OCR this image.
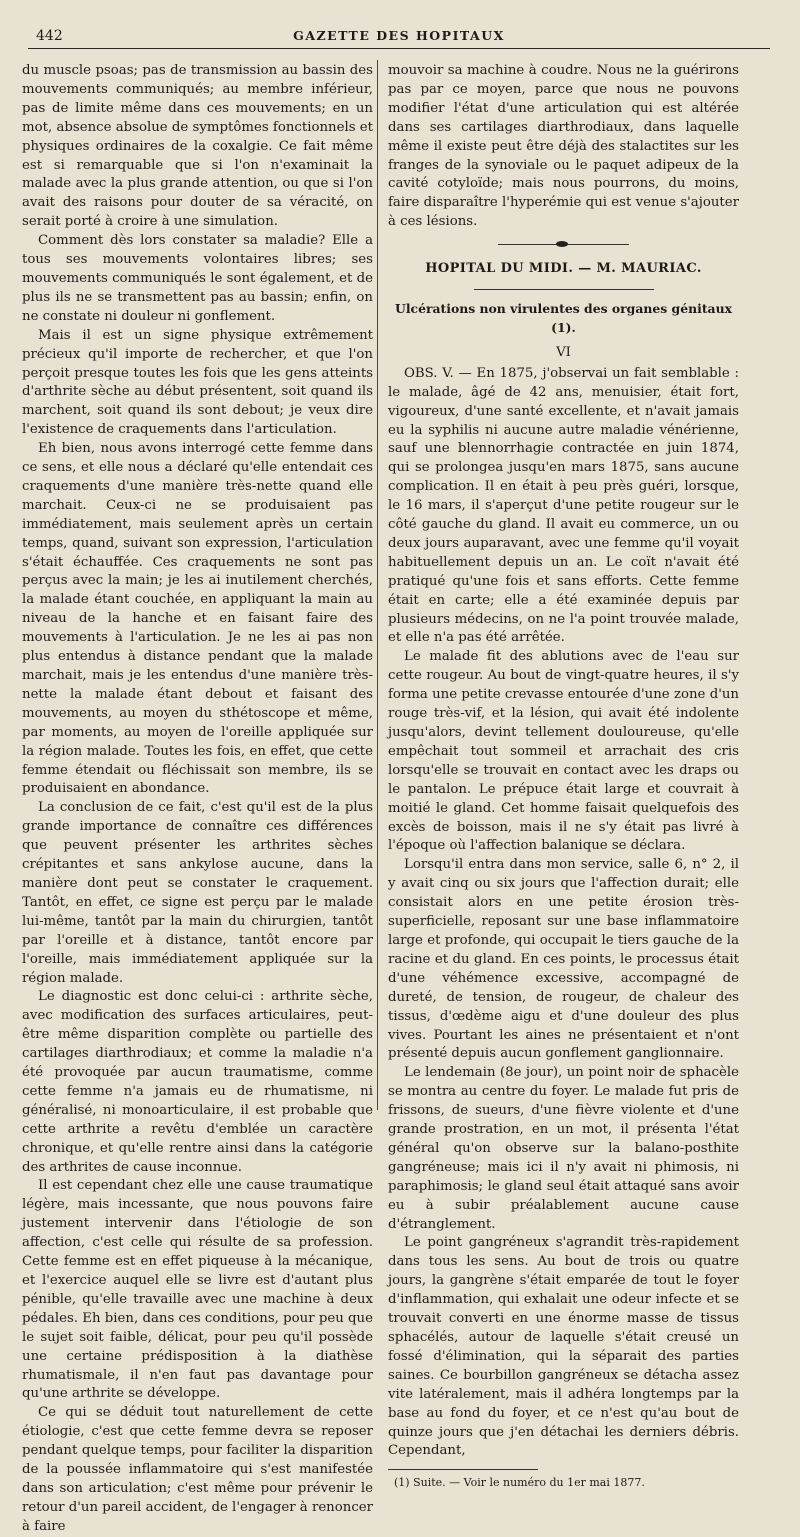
442	GAZETTE DES HOPITAUX

du muscle psoas; pas de transmission au bassin des mouvements communiqués; au membre inférieur, pas de limite même dans ces mouvements; en un mot, absence absolue de symptômes fonctionnels et physiques ordinaires de la coxalgie. Ce fait même est si remarquable que si l'on n'examinait la malade avec la plus grande attention, ou que si l'on avait des raisons pour douter de sa véracité, on serait porté à croire à une simulation.

Comment dès lors constater sa maladie? Elle a tous ses mouvements volontaires libres; ses mouvements communiqués le sont également, et de plus ils ne se transmettent pas au bassin; enfin, on ne constate ni douleur ni gonflement.

Mais il est un signe physique extrêmement précieux qu'il importe de rechercher, et que l'on perçoit presque toutes les fois que les gens atteints d'arthrite sèche au début présentent, soit quand ils marchent, soit quand ils sont debout; je veux dire l'existence de craquements dans l'articulation.

Eh bien, nous avons interrogé cette femme dans ce sens, et elle nous a déclaré qu'elle entendait ces craquements d'une manière très-nette quand elle marchait. Ceux-ci ne se produisaient pas immédiatement, mais seulement après un certain temps, quand, suivant son expression, l'articulation s'était échauffée. Ces craquements ne sont pas perçus avec la main; je les ai inutilement cherchés, la malade étant couchée, en appliquant la main au niveau de la hanche et en faisant faire des mouvements à l'articulation. Je ne les ai pas non plus entendus à distance pendant que la malade marchait, mais je les entendus d'une manière très-nette la malade étant debout et faisant des mouvements, au moyen du sthétoscope et même, par moments, au moyen de l'oreille appliquée sur la région malade. Toutes les fois, en effet, que cette femme étendait ou fléchissait son membre, ils se produisaient en abondance.

La conclusion de ce fait, c'est qu'il est de la plus grande importance de connaître ces différences que peuvent présenter les arthrites sèches crépitantes et sans ankylose aucune, dans la manière dont peut se constater le craquement. Tantôt, en effet, ce signe est perçu par le malade lui-même, tantôt par la main du chirurgien, tantôt par l'oreille et à distance, tantôt encore par l'oreille, mais immédiatement appliquée sur la région malade.

Le diagnostic est donc celui-ci : arthrite sèche, avec modification des surfaces articulaires, peut-être même disparition complète ou partielle des cartilages diarthrodiaux; et comme la maladie n'a été provoquée par aucun traumatisme, comme cette femme n'a jamais eu de rhumatisme, ni généralisé, ni monoarticulaire, il est probable que cette arthrite a revêtu d'emblée un caractère chronique, et qu'elle rentre ainsi dans la catégorie des arthrites de cause inconnue.

Il est cependant chez elle une cause traumatique légère, mais incessante, que nous pouvons faire justement intervenir dans l'étiologie de son affection, c'est celle qui résulte de sa profession. Cette femme est en effet piqueuse à la mécanique, et l'exercice auquel elle se livre est d'autant plus pénible, qu'elle travaille avec une machine à deux pédales. Eh bien, dans ces conditions, pour peu que le sujet soit faible, délicat, pour peu qu'il possède une certaine prédisposition à la diathèse rhumatismale, il n'en faut pas davantage pour qu'une arthrite se développe.

Ce qui se déduit tout naturellement de cette étiologie, c'est que cette femme devra se reposer pendant quelque temps, pour faciliter la disparition de la poussée inflammatoire qui s'est manifestée dans son articulation; c'est même pour prévenir le retour d'un pareil accident, de l'engager à renoncer à faire

mouvoir sa machine à coudre. Nous ne la guérirons pas par ce moyen, parce que nous ne pouvons modifier l'état d'une articulation qui est altérée dans ses cartilages diarthrodiaux, dans laquelle même il existe peut être déjà des stalactites sur les franges de la synoviale ou le paquet adipeux de la cavité cotyloïde; mais nous pourrons, du moins, faire disparaître l'hyperémie qui est venue s'ajouter à ces lésions.

HOPITAL DU MIDI. — M. MAURIAC.
Ulcérations non virulentes des organes génitaux (1).
VI

OBS. V. — En 1875, j'observai un fait semblable : le malade, âgé de 42 ans, menuisier, était fort, vigoureux, d'une santé excellente, et n'avait jamais eu la syphilis ni aucune autre maladie vénérienne, sauf une blennorrhagie contractée en juin 1874, qui se prolongea jusqu'en mars 1875, sans aucune complication. Il en était à peu près guéri, lorsque, le 16 mars, il s'aperçut d'une petite rougeur sur le côté gauche du gland. Il avait eu commerce, un ou deux jours auparavant, avec une femme qu'il voyait habituellement depuis un an. Le coït n'avait été pratiqué qu'une fois et sans efforts. Cette femme était en carte; elle a été examinée depuis par plusieurs médecins, on ne l'a point trouvée malade, et elle n'a pas été arrêtée.

Le malade fit des ablutions avec de l'eau sur cette rougeur. Au bout de vingt-quatre heures, il s'y forma une petite crevasse entourée d'une zone d'un rouge très-vif, et la lésion, qui avait été indolente jusqu'alors, devint tellement douloureuse, qu'elle empêchait tout sommeil et arrachait des cris lorsqu'elle se trouvait en contact avec les draps ou le pantalon. Le prépuce était large et couvrait à moitié le gland. Cet homme faisait quelquefois des excès de boisson, mais il ne s'y était pas livré à l'époque où l'affection balanique se déclara.

Lorsqu'il entra dans mon service, salle 6, n° 2, il y avait cinq ou six jours que l'affection durait; elle consistait alors en une petite érosion très-superficielle, reposant sur une base inflammatoire large et profonde, qui occupait le tiers gauche de la racine et du gland. En ces points, le processus était d'une véhémence excessive, accompagné de dureté, de tension, de rougeur, de chaleur des tissus, d'œdème aigu et d'une douleur des plus vives. Pourtant les aines ne présentaient et n'ont présenté depuis aucun gonflement ganglionnaire.

Le lendemain (8e jour), un point noir de sphacèle se montra au centre du foyer. Le malade fut pris de frissons, de sueurs, d'une fièvre violente et d'une grande prostration, en un mot, il présenta l'état général qu'on observe sur la balano-posthite gangréneuse; mais ici il n'y avait ni phimosis, ni paraphimosis; le gland seul était attaqué sans avoir eu à subir préalablement aucune cause d'étranglement.

Le point gangréneux s'agrandit très-rapidement dans tous les sens. Au bout de trois ou quatre jours, la gangrène s'était emparée de tout le foyer d'inflammation, qui exhalait une odeur infecte et se trouvait converti en une énorme masse de tissus sphacélés, autour de laquelle s'était creusé un fossé d'élimination, qui la séparait des parties saines. Ce bourbillon gangréneux se détacha assez vite latéralement, mais il adhéra longtemps par la base au fond du foyer, et ce n'est qu'au bout de quinze jours que j'en détachai les derniers débris. Cependant,

(1) Suite. — Voir le numéro du 1er mai 1877.
